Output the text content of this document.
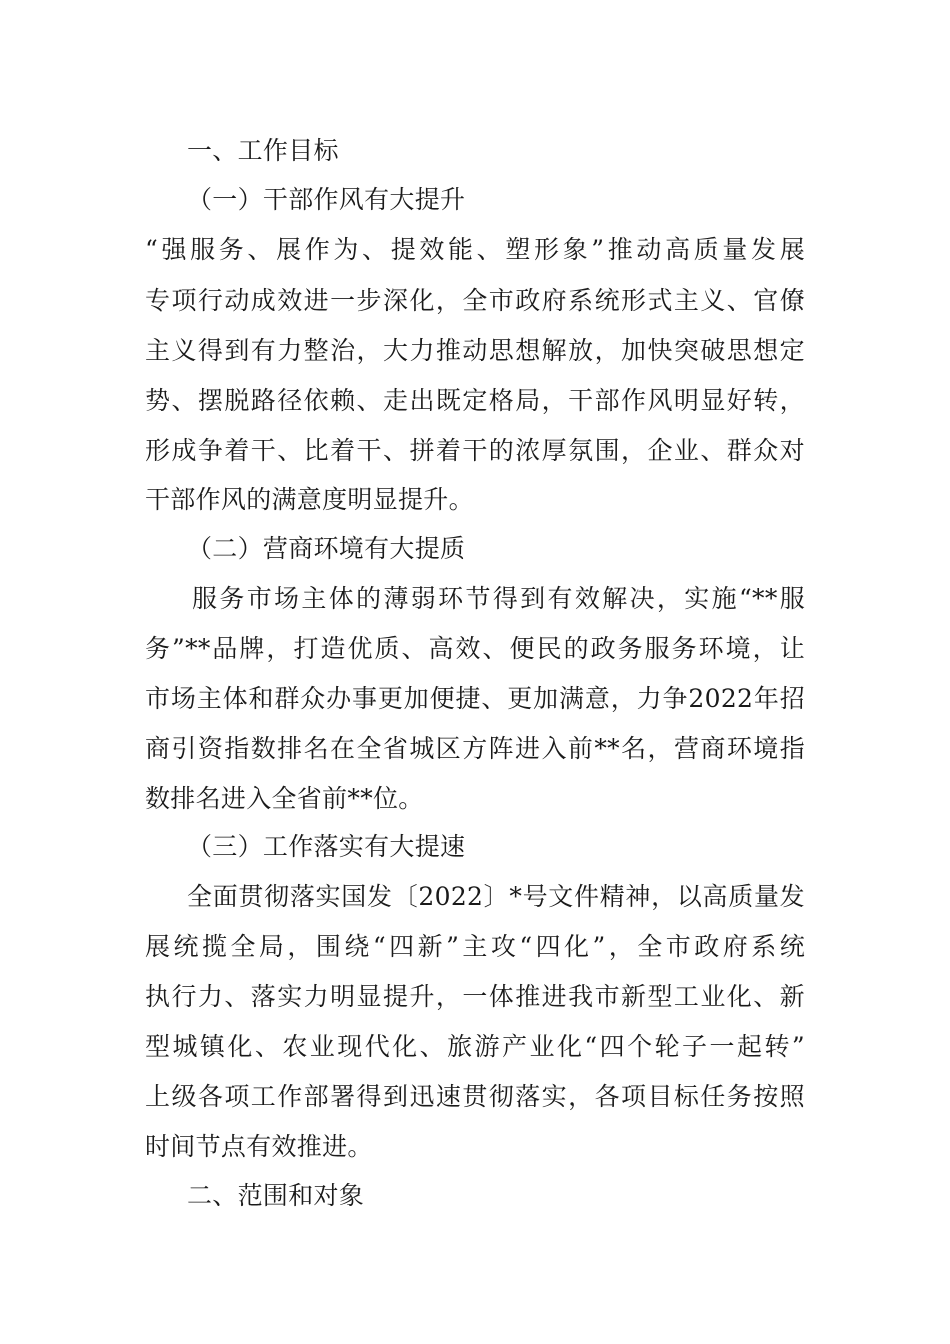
一、工作目标
（一）干部作风有大提升
“强服务、展作为、提效能、塑形象”推动高质量发展
专项行动成效进一步深化，全市政府系统形式主义、官僚
主义得到有力整治，大力推动思想解放，加快突破思想定
势、摆脱路径依赖、走出既定格局，干部作风明显好转，
形成争着干、比着干、拼着干的浓厚氛围，企业、群众对
干部作风的满意度明显提升。
（二）营商环境有大提质
服务市场主体的薄弱环节得到有效解决，实施“**服
务”**品牌，打造优质、高效、便民的政务服务环境，让
市场主体和群众办事更加便捷、更加满意，力争2022年招
商引资指数排名在全省城区方阵进入前**名，营商环境指
数排名进入全省前**位。
（三）工作落实有大提速
全面贯彻落实国发〔2022〕*号文件精神，以高质量发
展统揽全局，围绕“四新”主攻“四化”，全市政府系统
执行力、落实力明显提升，一体推进我市新型工业化、新
型城镇化、农业现代化、旅游产业化“四个轮子一起转”
上级各项工作部署得到迅速贯彻落实，各项目标任务按照
时间节点有效推进。
二、范围和对象
